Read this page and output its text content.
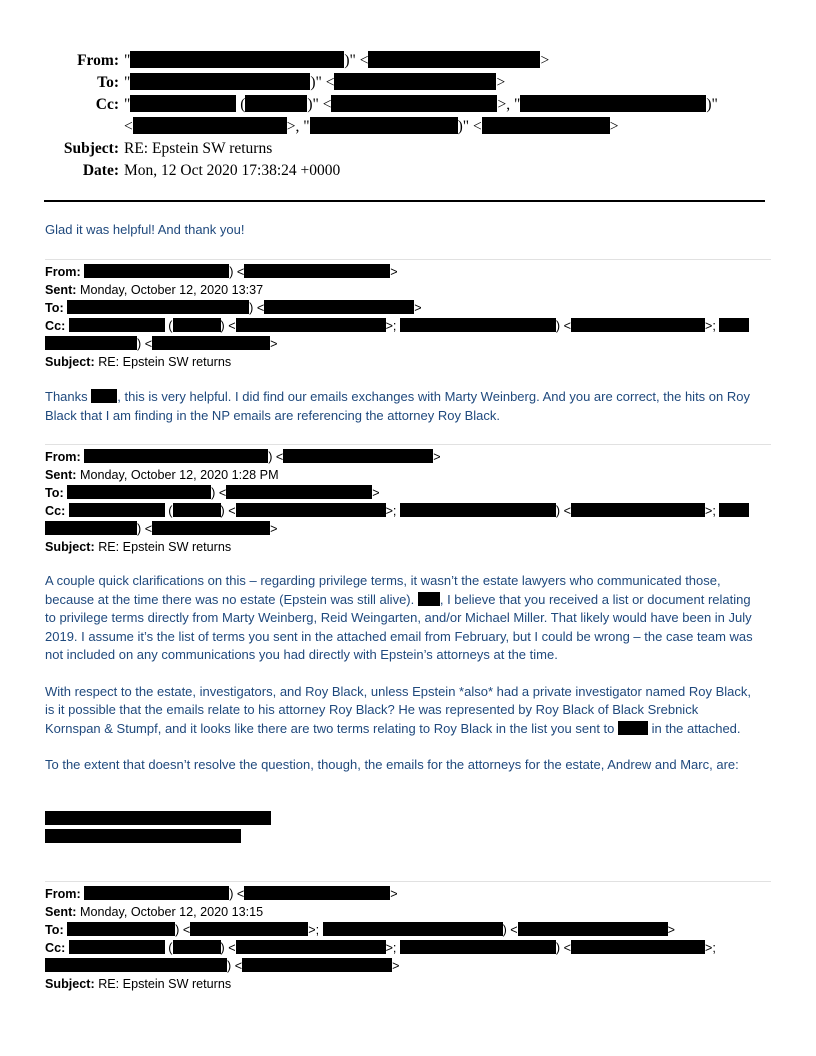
From: "	)" <	>
To: "	)" <	>
Cc: "	(	)" <	>, "	)"
<	>, "	)" <	>
Subject: RE: Epstein SW returns
Date: Mon, 12 Oct 2020 17:38:24 +0000
Glad it was helpful! And thank you!
From:	) <	>
Sent: Monday, October 12, 2020 13:37
To:	) <	>
Cc:	(	) <	>;	) <	>;
) <	>
Subject: RE: Epstein SW returns

Thanks , this is very helpful. I did find our emails exchanges with Marty Weinberg. And you are correct, the hits on Roy Black that I am finding in the NP emails are referencing the attorney Roy Black.

From:	) <	>
Sent: Monday, October 12, 2020 1:28 PM
To:	) <	>
Cc:	(	) <	>;	) <	>;
) <	>
Subject: RE: Epstein SW returns

A couple quick clarifications on this – regarding privilege terms, it wasn’t the estate lawyers who communicated those, because at the time there was no estate (Epstein was still alive). , I believe that you received a list or document relating to privilege terms directly from Marty Weinberg, Reid Weingarten, and/or Michael Miller. That likely would have been in July 2019. I assume it’s the list of terms you sent in the attached email from February, but I could be wrong – the case team was not included on any communications you had directly with Epstein’s attorneys at the time.

With respect to the estate, investigators, and Roy Black, unless Epstein *also* had a private investigator named Roy Black, is it possible that the emails relate to his attorney Roy Black? He was represented by Roy Black of Black Srebnick Kornspan & Stumpf, and it looks like there are two terms relating to Roy Black in the list you sent to  in the attached.

To the extent that doesn’t resolve the question, though, the emails for the attorneys for the estate, Andrew and Marc, are:

From:	) <	>
Sent: Monday, October 12, 2020 13:15
To:	) <	>;	) <	>
Cc:	(	) <	>;	) <	>;
) <	>
Subject: RE: Epstein SW returns
